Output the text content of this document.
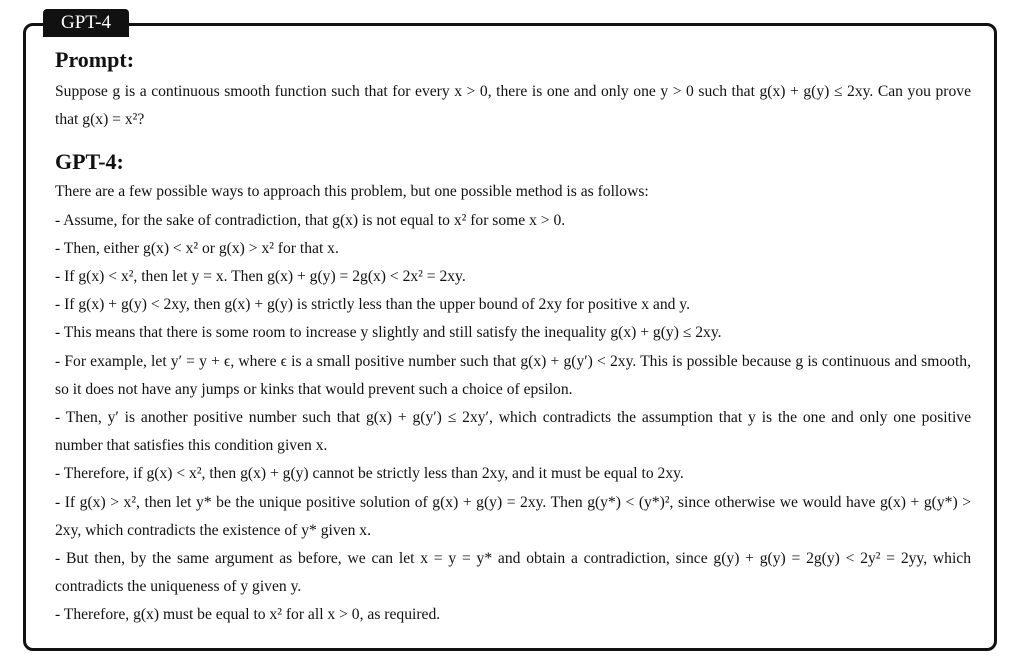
GPT-4
Prompt:

Suppose g is a continuous smooth function such that for every x > 0, there is one and only one y > 0 such that g(x) + g(y) ≤ 2xy. Can you prove that g(x) = x²?

GPT-4:

There are a few possible ways to approach this problem, but one possible method is as follows:

- Assume, for the sake of contradiction, that g(x) is not equal to x² for some x > 0.

- Then, either g(x) < x² or g(x) > x² for that x.

- If g(x) < x², then let y = x. Then g(x) + g(y) = 2g(x) < 2x² = 2xy.

- If g(x) + g(y) < 2xy, then g(x) + g(y) is strictly less than the upper bound of 2xy for positive x and y.

- This means that there is some room to increase y slightly and still satisfy the inequality g(x) + g(y) ≤ 2xy.

- For example, let y′ = y + ϵ, where ϵ is a small positive number such that g(x) + g(y′) < 2xy. This is possible because g is continuous and smooth, so it does not have any jumps or kinks that would prevent such a choice of epsilon.

- Then, y′ is another positive number such that g(x) + g(y′) ≤ 2xy′, which contradicts the assumption that y is the one and only one positive number that satisfies this condition given x.

- Therefore, if g(x) < x², then g(x) + g(y) cannot be strictly less than 2xy, and it must be equal to 2xy.

- If g(x) > x², then let y* be the unique positive solution of g(x) + g(y) = 2xy. Then g(y*) < (y*)², since otherwise we would have g(x) + g(y*) > 2xy, which contradicts the existence of y* given x.

- But then, by the same argument as before, we can let x = y = y* and obtain a contradiction, since g(y) + g(y) = 2g(y) < 2y² = 2yy, which contradicts the uniqueness of y given y.

- Therefore, g(x) must be equal to x² for all x > 0, as required.
